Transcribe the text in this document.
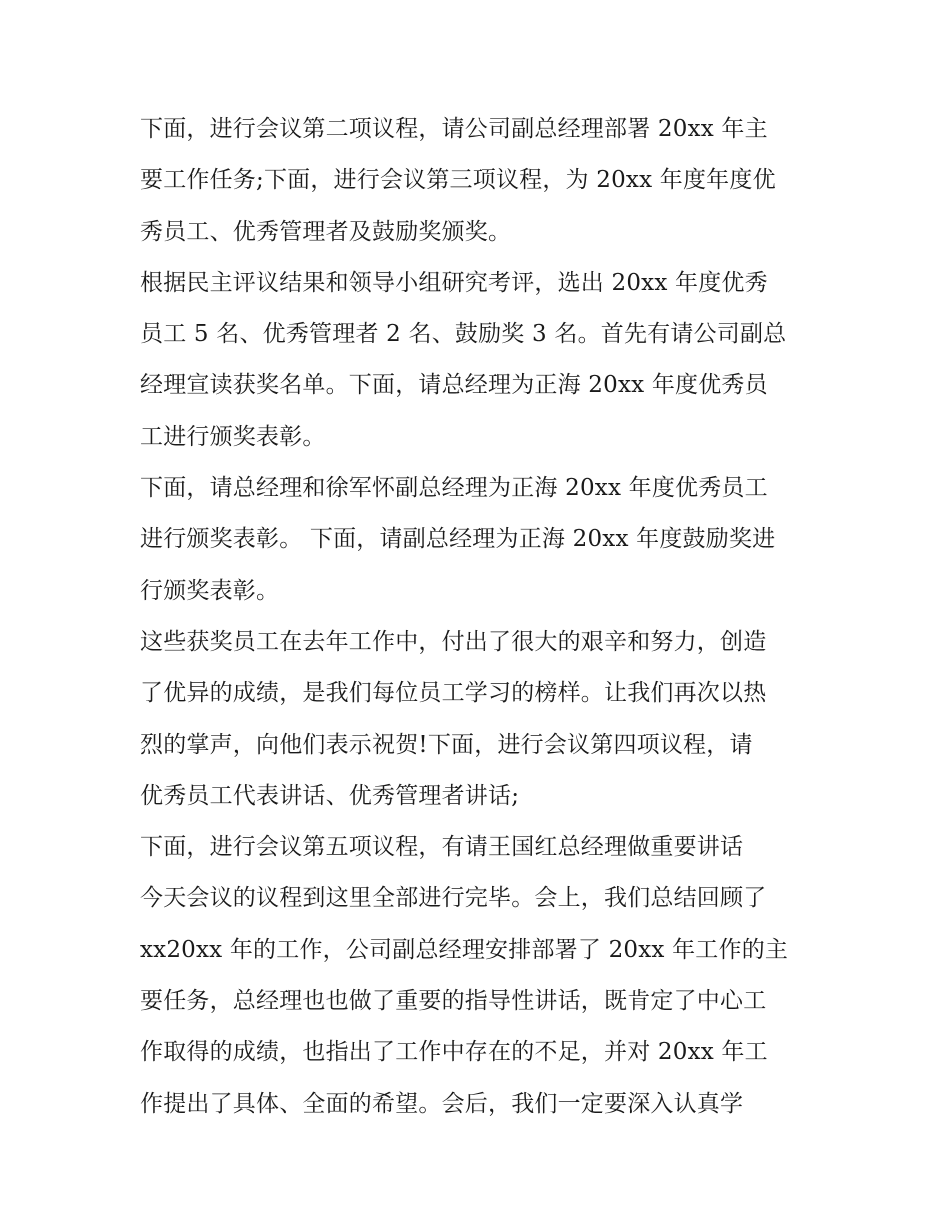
下面，进行会议第二项议程，请公司副总经理部署 20xx 年主
要工作任务;下面，进行会议第三项议程，为 20xx 年度年度优
秀员工、优秀管理者及鼓励奖颁奖。
根据民主评议结果和领导小组研究考评，选出 20xx 年度优秀
员工 5 名、优秀管理者 2 名、鼓励奖 3 名。首先有请公司副总
经理宣读获奖名单。下面，请总经理为正海 20xx 年度优秀员
工进行颁奖表彰。
下面，请总经理和徐军怀副总经理为正海 20xx 年度优秀员工
进行颁奖表彰。 下面，请副总经理为正海 20xx 年度鼓励奖进
行颁奖表彰。
这些获奖员工在去年工作中，付出了很大的艰辛和努力，创造
了优异的成绩，是我们每位员工学习的榜样。让我们再次以热
烈的掌声，向他们表示祝贺!下面，进行会议第四项议程，请
优秀员工代表讲话、优秀管理者讲话;
下面，进行会议第五项议程，有请王国红总经理做重要讲话
今天会议的议程到这里全部进行完毕。会上，我们总结回顾了
xx20xx 年的工作，公司副总经理安排部署了 20xx 年工作的主
要任务，总经理也也做了重要的指导性讲话，既肯定了中心工
作取得的成绩，也指出了工作中存在的不足，并对 20xx 年工
作提出了具体、全面的希望。会后，我们一定要深入认真学
